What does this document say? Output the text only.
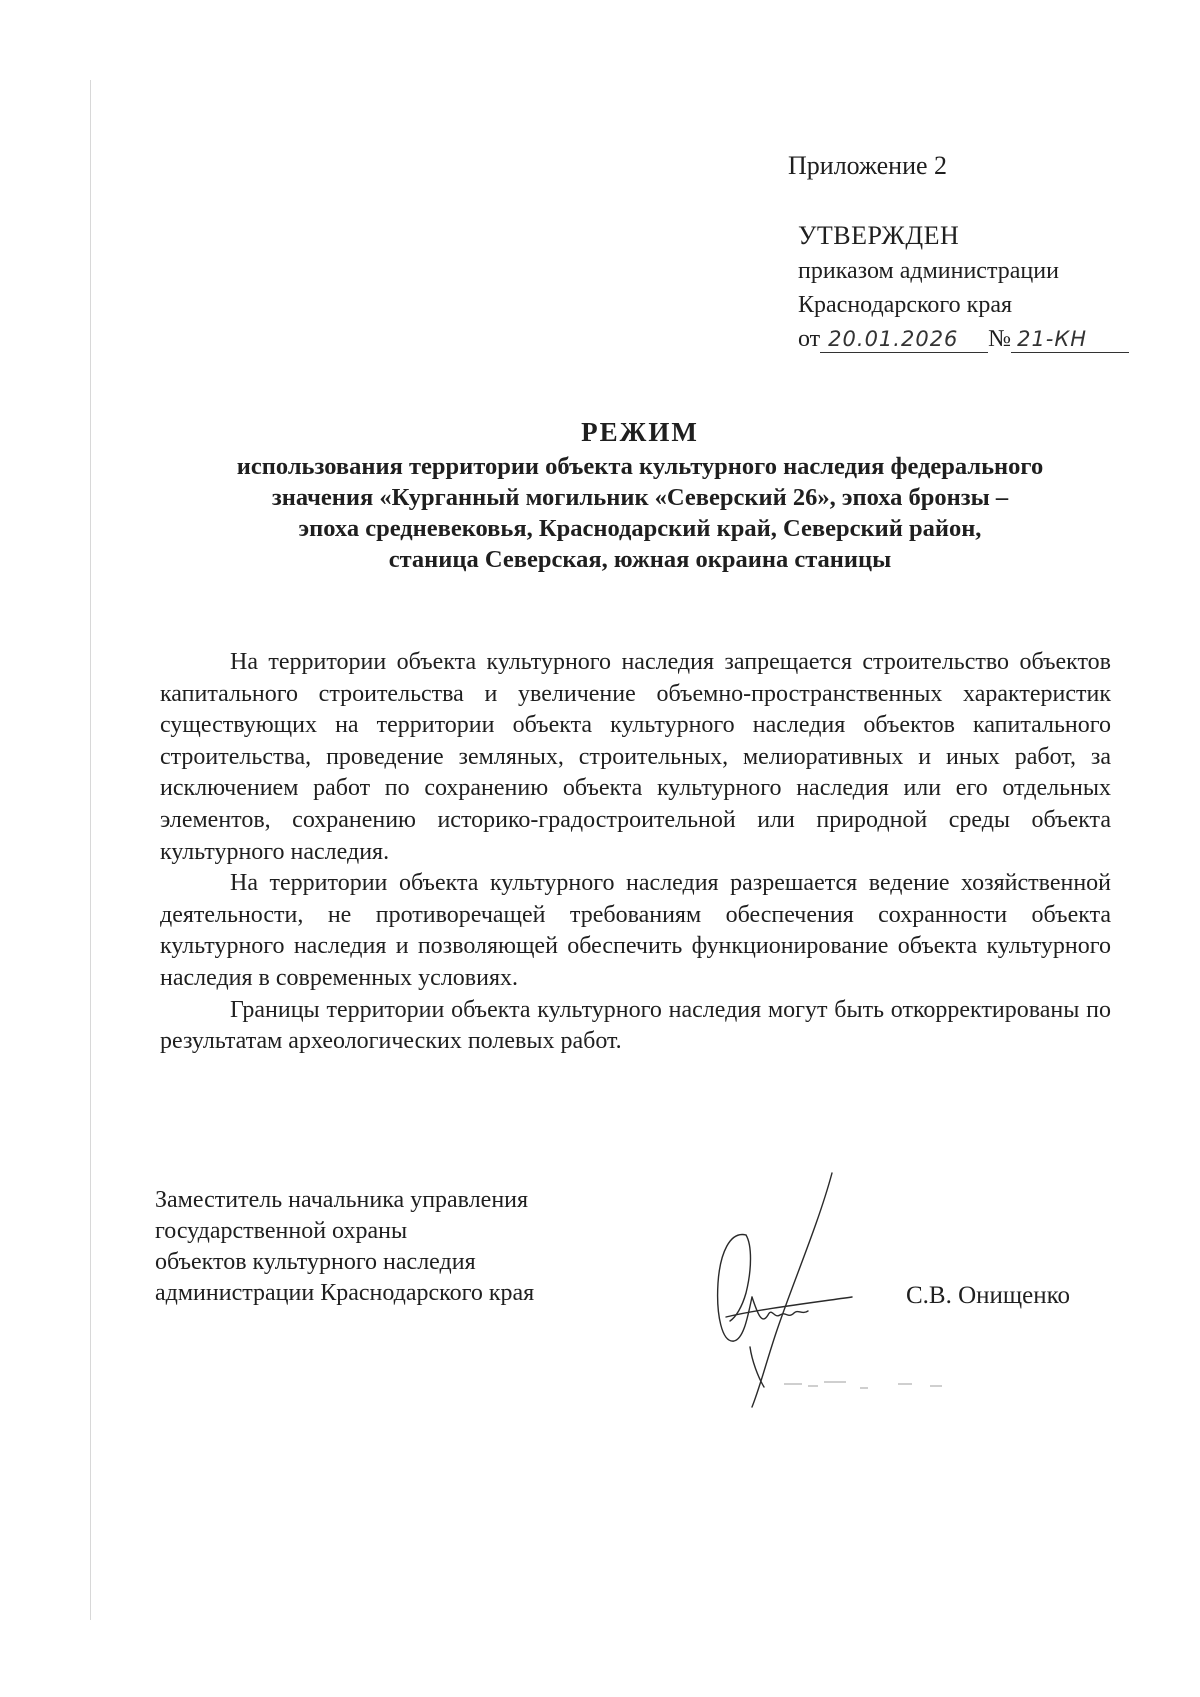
Приложение 2
УТВЕРЖДЕН
приказом администрации
Краснодарского края
от 20.01.2026 № 21-КН
РЕЖИМ
использования территории объекта культурного наследия федерального
значения «Курганный могильник «Северский 26», эпоха бронзы –
эпоха средневековья, Краснодарский край, Северский район,
станица Северская, южная окраина станицы

На территории объекта культурного наследия запрещается строительство объектов капитального строительства и увеличение объемно-пространственных характеристик существующих на территории объекта культурного наследия объектов капитального строительства, проведение земляных, строительных, мелиоративных и иных работ, за исключением работ по сохранению объекта культурного наследия или его отдельных элементов, сохранению историко-градостроительной или природной среды объекта культурного наследия.

На территории объекта культурного наследия разрешается ведение хозяйственной деятельности, не противоречащей требованиям обеспечения сохранности объекта культурного наследия и позволяющей обеспечить функционирование объекта культурного наследия в современных условиях.

Границы территории объекта культурного наследия могут быть откорректированы по результатам археологических полевых работ.

Заместитель начальника управления
государственной охраны
объектов культурного наследия
администрации Краснодарского края	С.В. Онищенко
